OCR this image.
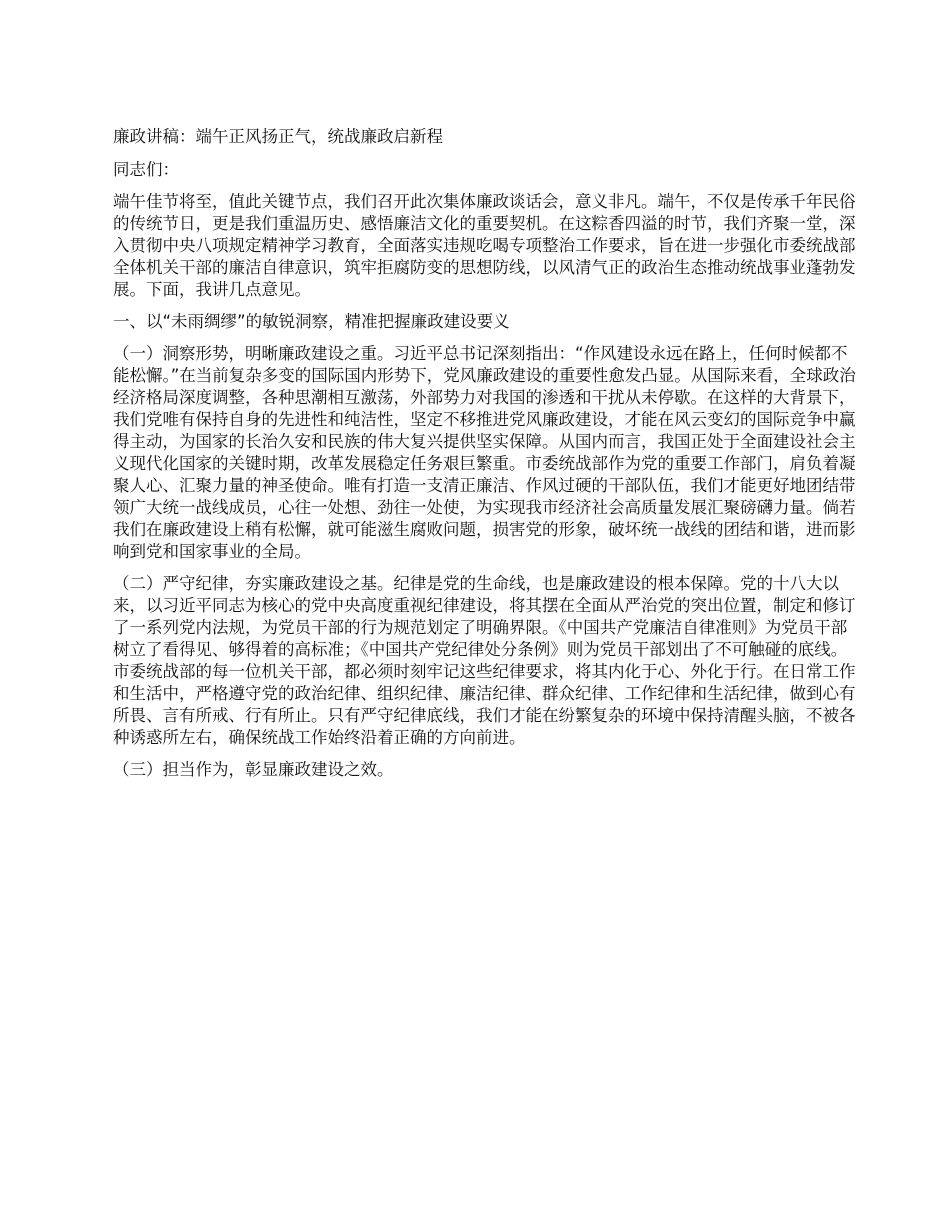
廉政讲稿：端午正风扬正气，统战廉政启新程

同志们：

端午佳节将至，值此关键节点，我们召开此次集体廉政谈话会，意义非凡。端午，不仅是传承千年民俗的传统节日，更是我们重温历史、感悟廉洁文化的重要契机。在这粽香四溢的时节，我们齐聚一堂，深入贯彻中央八项规定精神学习教育，全面落实违规吃喝专项整治工作要求，旨在进一步强化市委统战部全体机关干部的廉洁自律意识，筑牢拒腐防变的思想防线，以风清气正的政治生态推动统战事业蓬勃发展。下面，我讲几点意见。

一、以“未雨绸缪”的敏锐洞察，精准把握廉政建设要义

（一）洞察形势，明晰廉政建设之重。习近平总书记深刻指出：“作风建设永远在路上，任何时候都不能松懈。”在当前复杂多变的国际国内形势下，党风廉政建设的重要性愈发凸显。从国际来看，全球政治经济格局深度调整，各种思潮相互激荡，外部势力对我国的渗透和干扰从未停歇。在这样的大背景下，我们党唯有保持自身的先进性和纯洁性，坚定不移推进党风廉政建设，才能在风云变幻的国际竞争中赢得主动，为国家的长治久安和民族的伟大复兴提供坚实保障。从国内而言，我国正处于全面建设社会主义现代化国家的关键时期，改革发展稳定任务艰巨繁重。市委统战部作为党的重要工作部门，肩负着凝聚人心、汇聚力量的神圣使命。唯有打造一支清正廉洁、作风过硬的干部队伍，我们才能更好地团结带领广大统一战线成员，心往一处想、劲往一处使，为实现我市经济社会高质量发展汇聚磅礴力量。倘若我们在廉政建设上稍有松懈，就可能滋生腐败问题，损害党的形象，破坏统一战线的团结和谐，进而影响到党和国家事业的全局。

（二）严守纪律，夯实廉政建设之基。纪律是党的生命线，也是廉政建设的根本保障。党的十八大以来，以习近平同志为核心的党中央高度重视纪律建设，将其摆在全面从严治党的突出位置，制定和修订了一系列党内法规，为党员干部的行为规范划定了明确界限。《中国共产党廉洁自律准则》为党员干部树立了看得见、够得着的高标准；《中国共产党纪律处分条例》则为党员干部划出了不可触碰的底线。市委统战部的每一位机关干部，都必须时刻牢记这些纪律要求，将其内化于心、外化于行。在日常工作和生活中，严格遵守党的政治纪律、组织纪律、廉洁纪律、群众纪律、工作纪律和生活纪律，做到心有所畏、言有所戒、行有所止。只有严守纪律底线，我们才能在纷繁复杂的环境中保持清醒头脑，不被各种诱惑所左右，确保统战工作始终沿着正确的方向前进。

（三）担当作为，彰显廉政建设之效。
